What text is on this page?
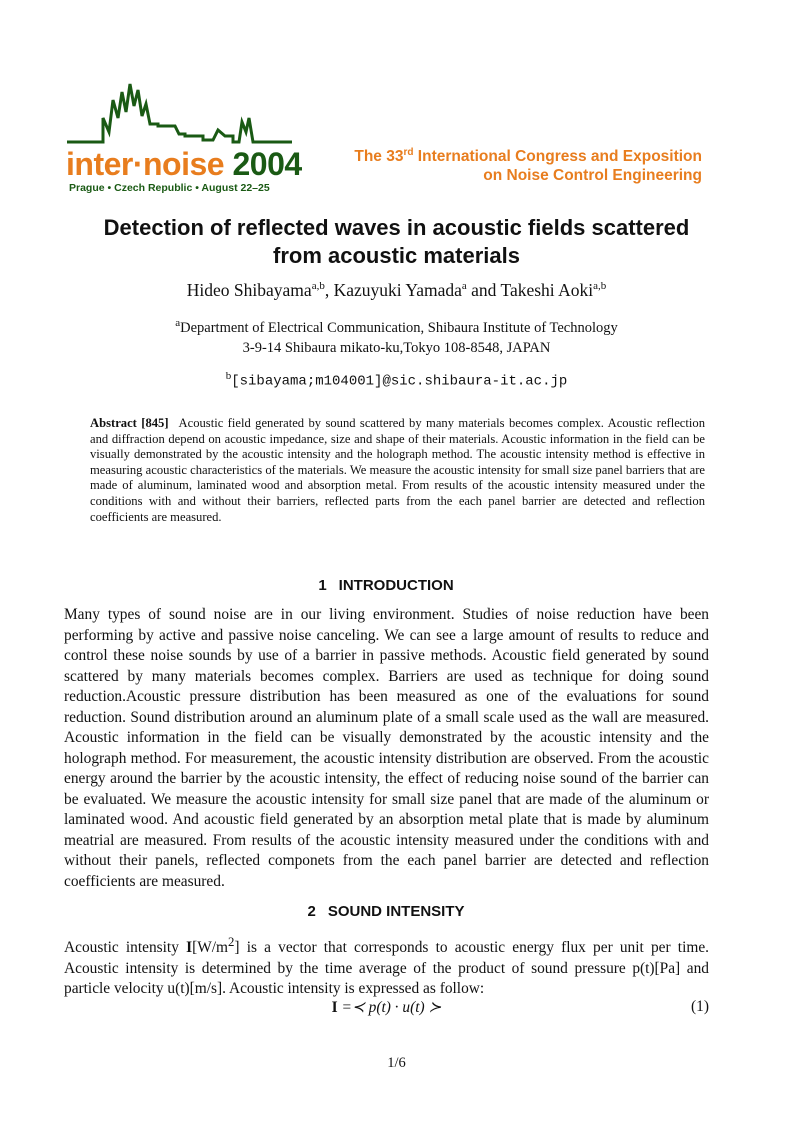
inter·noise 2004
Prague • Czech Republic • August 22–25
The 33rd International Congress and Exposition
on Noise Control Engineering
Detection of reflected waves in acoustic fields scattered
from acoustic materials
Hideo Shibayama$^{a,b}$, Kazuyuki Yamada$^a$ and Takeshi Aoki$^{a,b}$
$^a$Department of Electrical Communication, Shibaura Institute of Technology
3-9-14 Shibaura mikato-ku,Tokyo 108-8548, JAPAN
$^b$[sibayama;m104001]@sic.shibaura-it.ac.jp
Abstract [845] Acoustic field generated by sound scattered by many materials becomes complex. Acoustic reflection and diffraction depend on acoustic impedance, size and shape of their materials. Acoustic information in the field can be visually demonstrated by the acoustic intensity and the holograph method. The acoustic intensity method is effective in measuring acoustic characteristics of the materials. We measure the acoustic intensity for small size panel barriers that are made of aluminum, laminated wood and absorption metal. From results of the acoustic intensity measured under the conditions with and without their barriers, reflected parts from the each panel barrier are detected and reflection coefficients are measured.
1 INTRODUCTION
Many types of sound noise are in our living environment. Studies of noise reduction have been performing by active and passive noise canceling. We can see a large amount of results to reduce and control these noise sounds by use of a barrier in passive methods. Acoustic field generated by sound scattered by many materials becomes complex. Barriers are used as technique for doing sound reduction.Acoustic pressure distribution has been measured as one of the evaluations for sound reduction. Sound distribution around an aluminum plate of a small scale used as the wall are measured. Acoustic information in the field can be visually demonstrated by the acoustic intensity and the holograph method. For measurement, the acoustic intensity distribution are observed. From the acoustic energy around the barrier by the acoustic intensity, the effect of reducing noise sound of the barrier can be evaluated. We measure the acoustic intensity for small size panel that are made of the aluminum or laminated wood. And acoustic field generated by an absorption metal plate that is made by aluminum meatrial are measured. From results of the acoustic intensity measured under the conditions with and without their panels, reflected componets from the each panel barrier are detected and reflection coefficients are measured.
2 SOUND INTENSITY
Acoustic intensity $I[W/m^2]$ is a vector that corresponds to acoustic energy flux per unit per time. Acoustic intensity is determined by the time average of the product of sound pressure p(t)[Pa] and particle velocity u(t)[m/s]. Acoustic intensity is expressed as follow:
I =≺ p(t) · u(t) ≻	(1)
1/6
